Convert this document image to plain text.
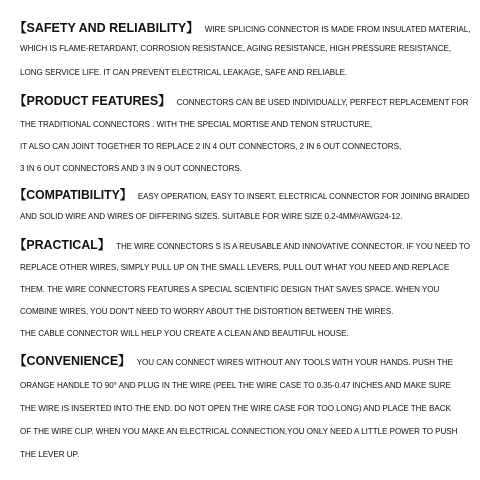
【SAFETY AND RELIABILITY】 WIRE SPLICING CONNECTOR IS MADE FROM INSULATED MATERIAL,
WHICH IS FLAME-RETARDANT, CORROSION RESISTANCE, AGING RESISTANCE, HIGH PRESSURE RESISTANCE,
LONG SERVICE LIFE. IT CAN PREVENT ELECTRICAL LEAKAGE, SAFE AND RELIABLE.
【PRODUCT FEATURES】 CONNECTORS CAN BE USED INDIVIDUALLY, PERFECT REPLACEMENT FOR
THE TRADITIONAL CONNECTORS . WITH THE SPECIAL MORTISE AND TENON STRUCTURE,
IT ALSO CAN JOINT TOGETHER TO REPLACE 2 IN 4 OUT CONNECTORS, 2 IN 6 OUT CONNECTORS,
3 IN 6 OUT CONNECTORS AND 3 IN 9 OUT CONNECTORS.
【COMPATIBILITY】 EASY OPERATION, EASY TO INSERT. ELECTRICAL CONNECTOR FOR JOINING BRAIDED
AND SOLID WIRE AND WIRES OF DIFFERING SIZES. SUITABLE FOR WIRE SIZE 0.2-4MM²/AWG24-12.
【PRACTICAL】 THE WIRE CONNECTORS S IS A REUSABLE AND INNOVATIVE CONNECTOR. IF YOU NEED TO
REPLACE OTHER WIRES, SIMPLY PULL UP ON THE SMALL LEVERS, PULL OUT WHAT YOU NEED AND REPLACE
THEM. THE WIRE CONNECTORS FEATURES A SPECIAL SCIENTIFIC DESIGN THAT SAVES SPACE. WHEN YOU
COMBINE WIRES, YOU DON'T NEED TO WORRY ABOUT THE DISTORTION BETWEEN THE WIRES.
THE CABLE CONNECTOR WILL HELP YOU CREATE A CLEAN AND BEAUTIFUL HOUSE.
【CONVENIENCE】 YOU CAN CONNECT WIRES WITHOUT ANY TOOLS WITH YOUR HANDS. PUSH THE
ORANGE HANDLE TO 90° AND PLUG IN THE WIRE (PEEL THE WIRE CASE TO 0.35-0.47 INCHES AND MAKE SURE
THE WIRE IS INSERTED INTO THE END. DO NOT OPEN THE WIRE CASE FOR TOO LONG) AND PLACE THE BACK
OF THE WIRE CLIP. WHEN YOU MAKE AN ELECTRICAL CONNECTION,YOU ONLY NEED A LITTLE POWER TO PUSH
THE LEVER UP.
